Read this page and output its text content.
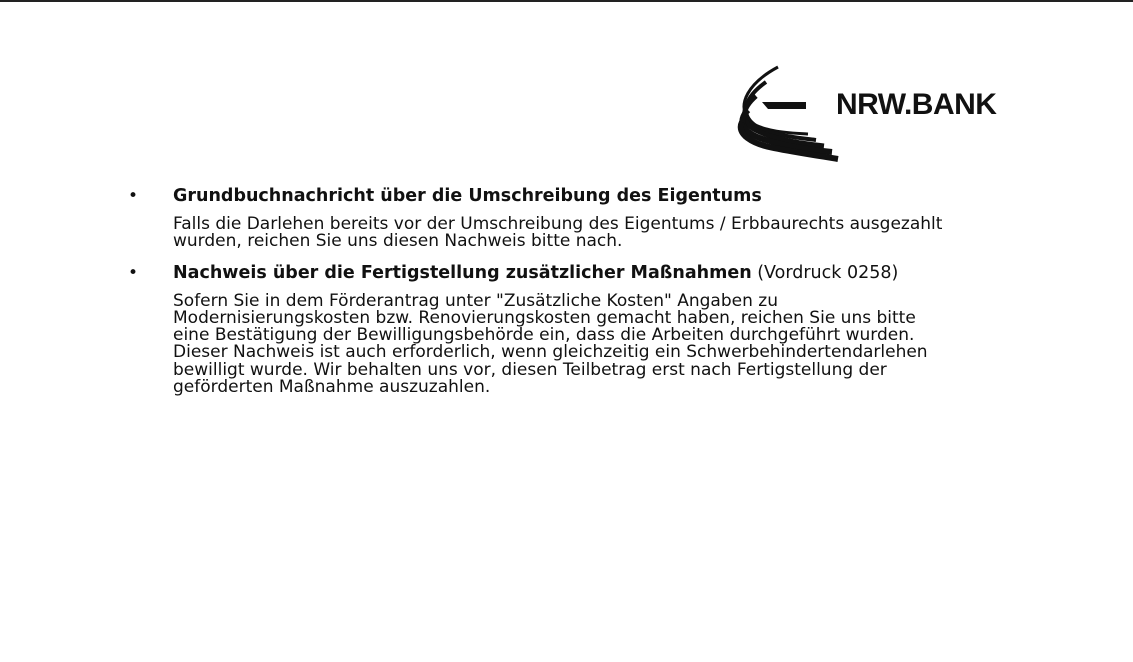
NRW.BANK
• Grundbuchnachricht über die Umschreibung des Eigentums
Falls die Darlehen bereits vor der Umschreibung des Eigentums / Erbbaurechts ausgezahlt
wurden, reichen Sie uns diesen Nachweis bitte nach.
• Nachweis über die Fertigstellung zusätzlicher Maßnahmen (Vordruck 0258)
Sofern Sie in dem Förderantrag unter "Zusätzliche Kosten" Angaben zu
Modernisierungskosten bzw. Renovierungskosten gemacht haben, reichen Sie uns bitte
eine Bestätigung der Bewilligungsbehörde ein, dass die Arbeiten durchgeführt wurden.
Dieser Nachweis ist auch erforderlich, wenn gleichzeitig ein Schwerbehindertendarlehen
bewilligt wurde. Wir behalten uns vor, diesen Teilbetrag erst nach Fertigstellung der
geförderten Maßnahme auszuzahlen.
